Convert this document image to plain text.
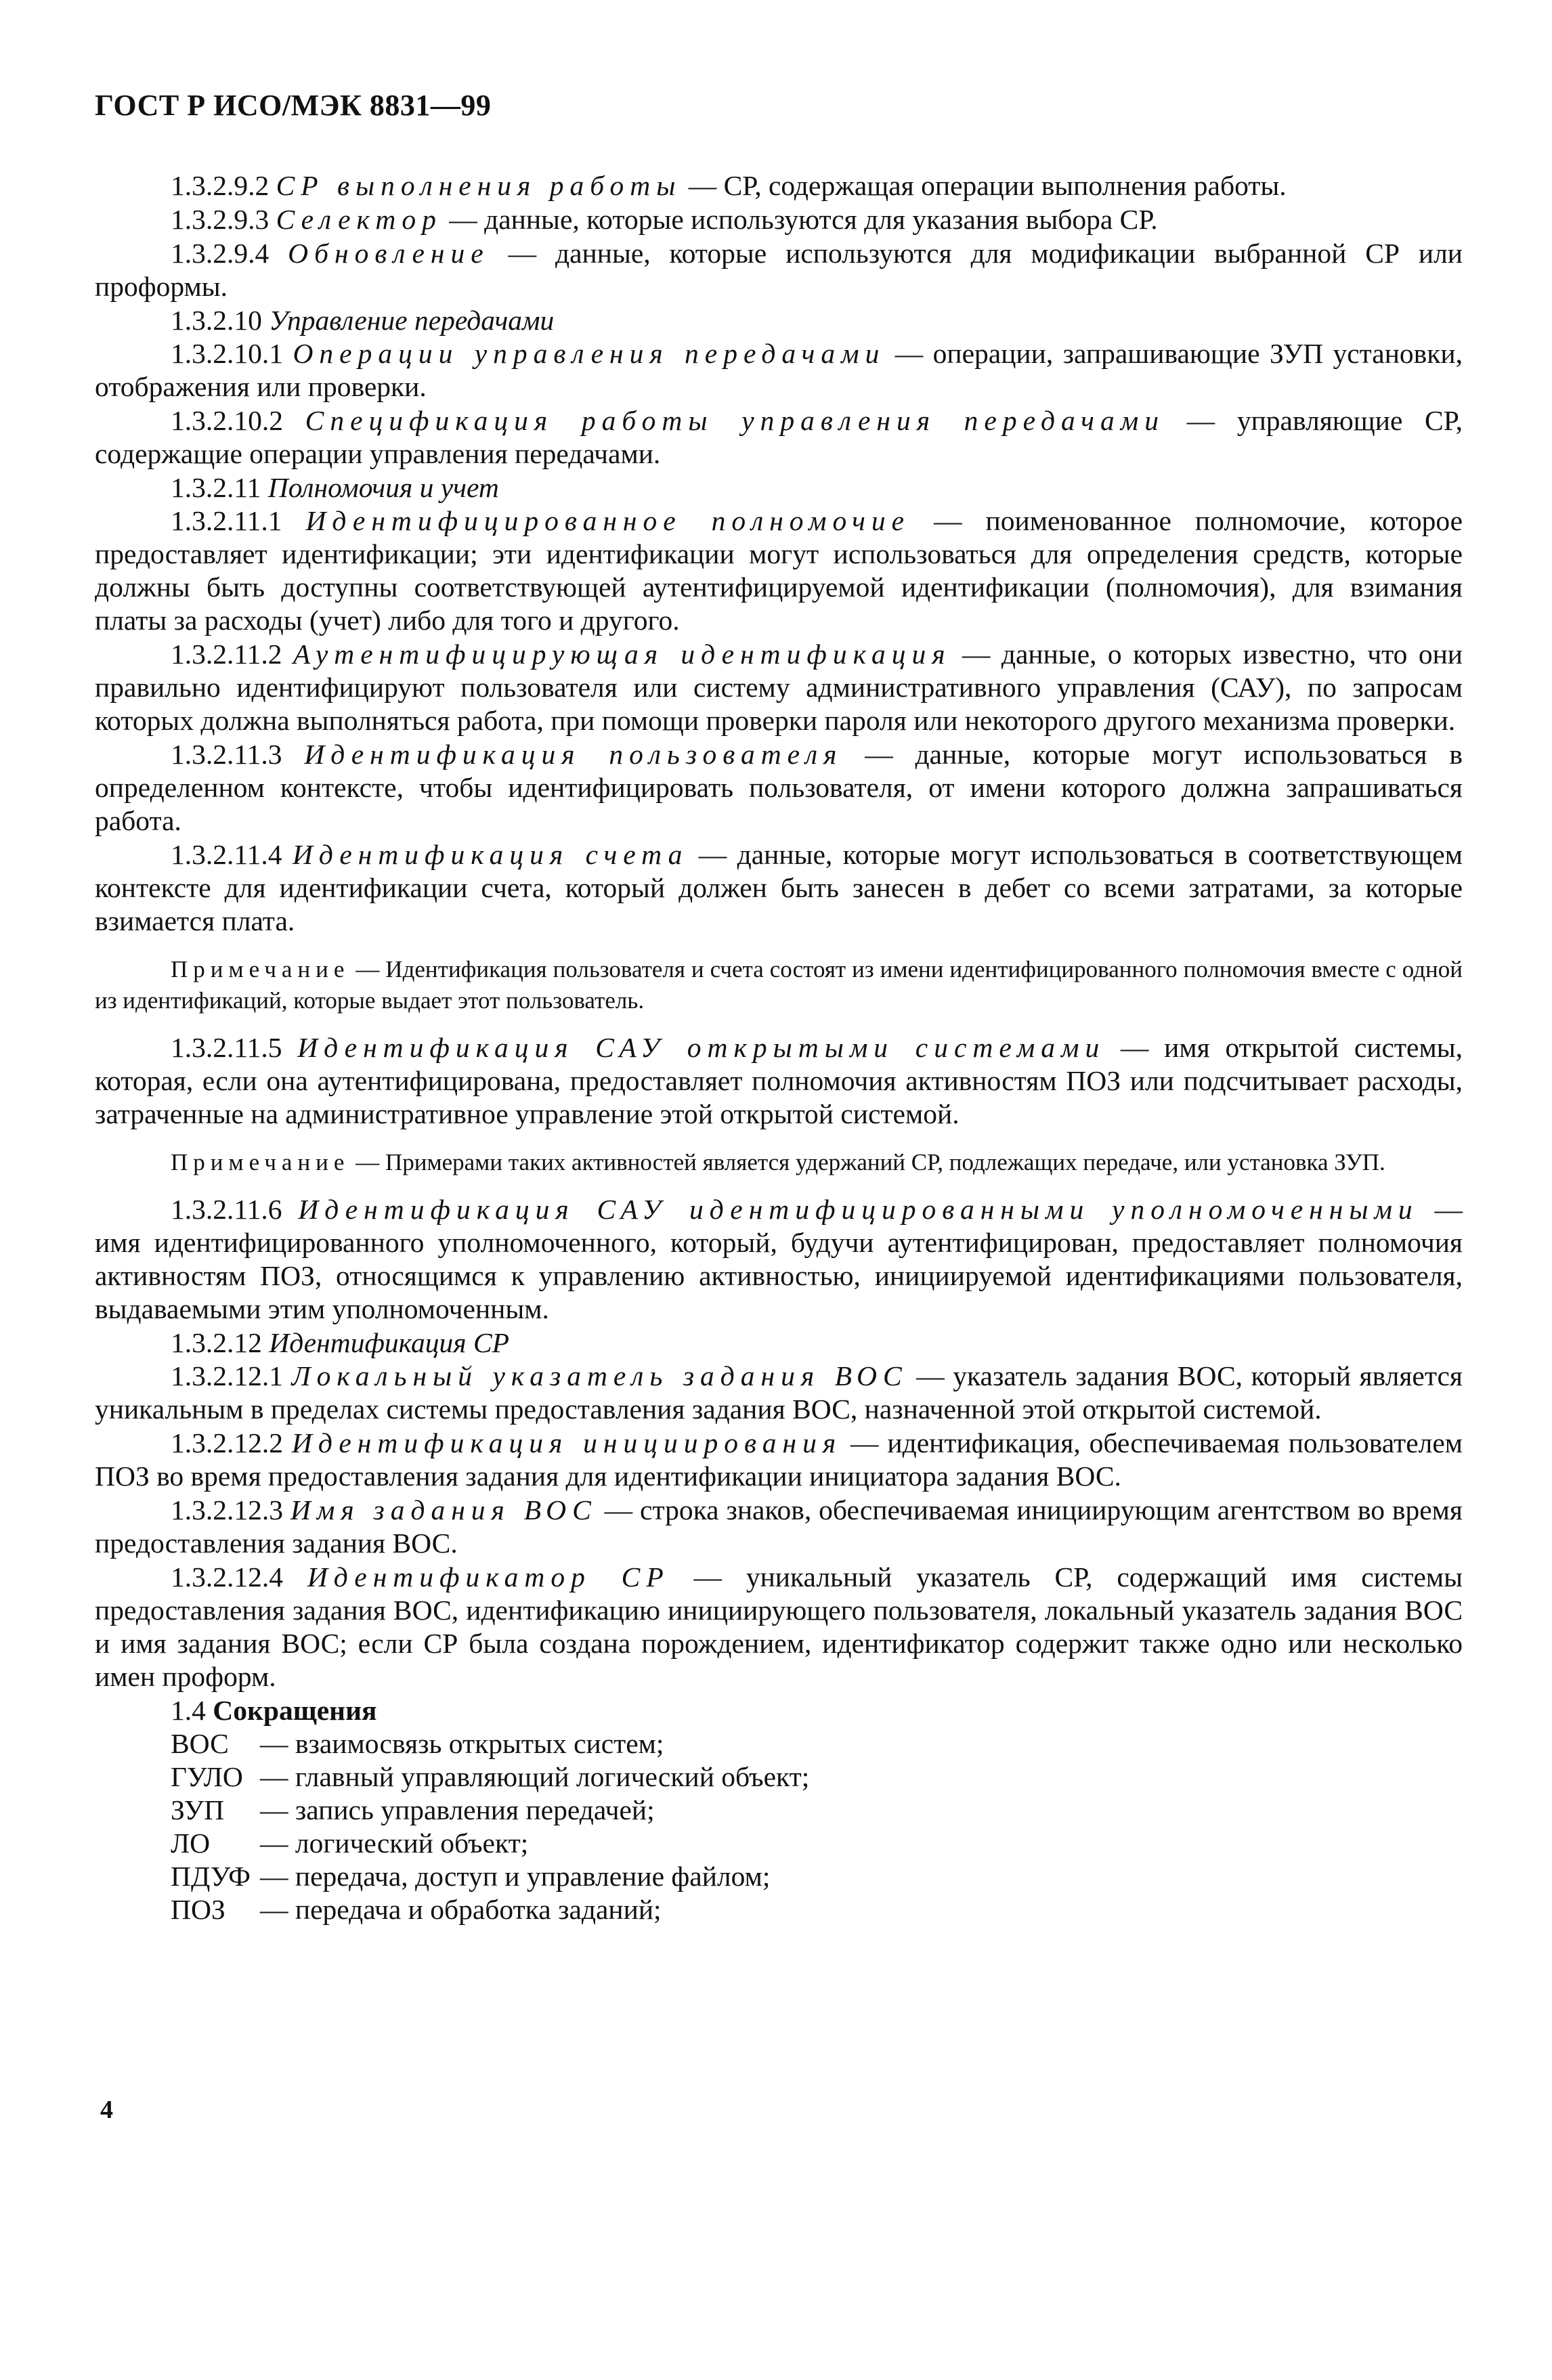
ГОСТ Р ИСО/МЭК 8831—99

1.3.2.9.2 СР выполнения работы — СР, содержащая операции выполнения работы.

1.3.2.9.3 Селектор — данные, которые используются для указания выбора СР.

1.3.2.9.4 Обновление — данные, которые используются для модификации выбранной СР или проформы.

1.3.2.10 Управление передачами

1.3.2.10.1 Операции управления передачами — операции, запрашивающие ЗУП установки, отображения или проверки.

1.3.2.10.2 Спецификация работы управления передачами — управляющие СР, содержащие операции управления передачами.

1.3.2.11 Полномочия и учет

1.3.2.11.1 Идентифицированное полномочие — поименованное полномочие, которое предоставляет идентификации; эти идентификации могут использоваться для определения средств, которые должны быть доступны соответствующей аутентифицируемой идентификации (полномочия), для взимания платы за расходы (учет) либо для того и другого.

1.3.2.11.2 Аутентифицирующая идентификация — данные, о которых известно, что они правильно идентифицируют пользователя или систему административного управления (САУ), по запросам которых должна выполняться работа, при помощи проверки пароля или некоторого другого механизма проверки.

1.3.2.11.3 Идентификация пользователя — данные, которые могут использоваться в определенном контексте, чтобы идентифицировать пользователя, от имени которого должна запрашиваться работа.

1.3.2.11.4 Идентификация счета — данные, которые могут использоваться в соответствующем контексте для идентификации счета, который должен быть занесен в дебет со всеми затратами, за которые взимается плата.

Примечание — Идентификация пользователя и счета состоят из имени идентифицированного полномочия вместе с одной из идентификаций, которые выдает этот пользователь.

1.3.2.11.5 Идентификация САУ открытыми системами — имя открытой системы, которая, если она аутентифицирована, предоставляет полномочия активностям ПОЗ или подсчитывает расходы, затраченные на административное управление этой открытой системой.

Примечание — Примерами таких активностей является удержаний СР, подлежащих передаче, или установка ЗУП.

1.3.2.11.6 Идентификация САУ идентифицированными уполномоченными — имя идентифицированного уполномоченного, который, будучи аутентифицирован, предоставляет полномочия активностям ПОЗ, относящимся к управлению активностью, инициируемой идентификациями пользователя, выдаваемыми этим уполномоченным.

1.3.2.12 Идентификация СР

1.3.2.12.1 Локальный указатель задания ВОС — указатель задания ВОС, который является уникальным в пределах системы предоставления задания ВОС, назначенной этой открытой системой.

1.3.2.12.2 Идентификация инициирования — идентификация, обеспечиваемая пользователем ПОЗ во время предоставления задания для идентификации инициатора задания ВОС.

1.3.2.12.3 Имя задания ВОС — строка знаков, обеспечиваемая инициирующим агентством во время предоставления задания ВОС.

1.3.2.12.4 Идентификатор СР — уникальный указатель СР, содержащий имя системы предоставления задания ВОС, идентификацию инициирующего пользователя, локальный указатель задания ВОС и имя задания ВОС; если СР была создана порождением, идентификатор содержит также одно или несколько имен проформ.

1.4 Сокращения

ВОС	— взаимосвязь открытых систем;
ГУЛО — главный управляющий логический объект;
ЗУП	— запись управления передачей;
ЛО	— логический объект;
ПДУФ — передача, доступ и управление файлом;
ПОЗ	— передача и обработка заданий;
4
